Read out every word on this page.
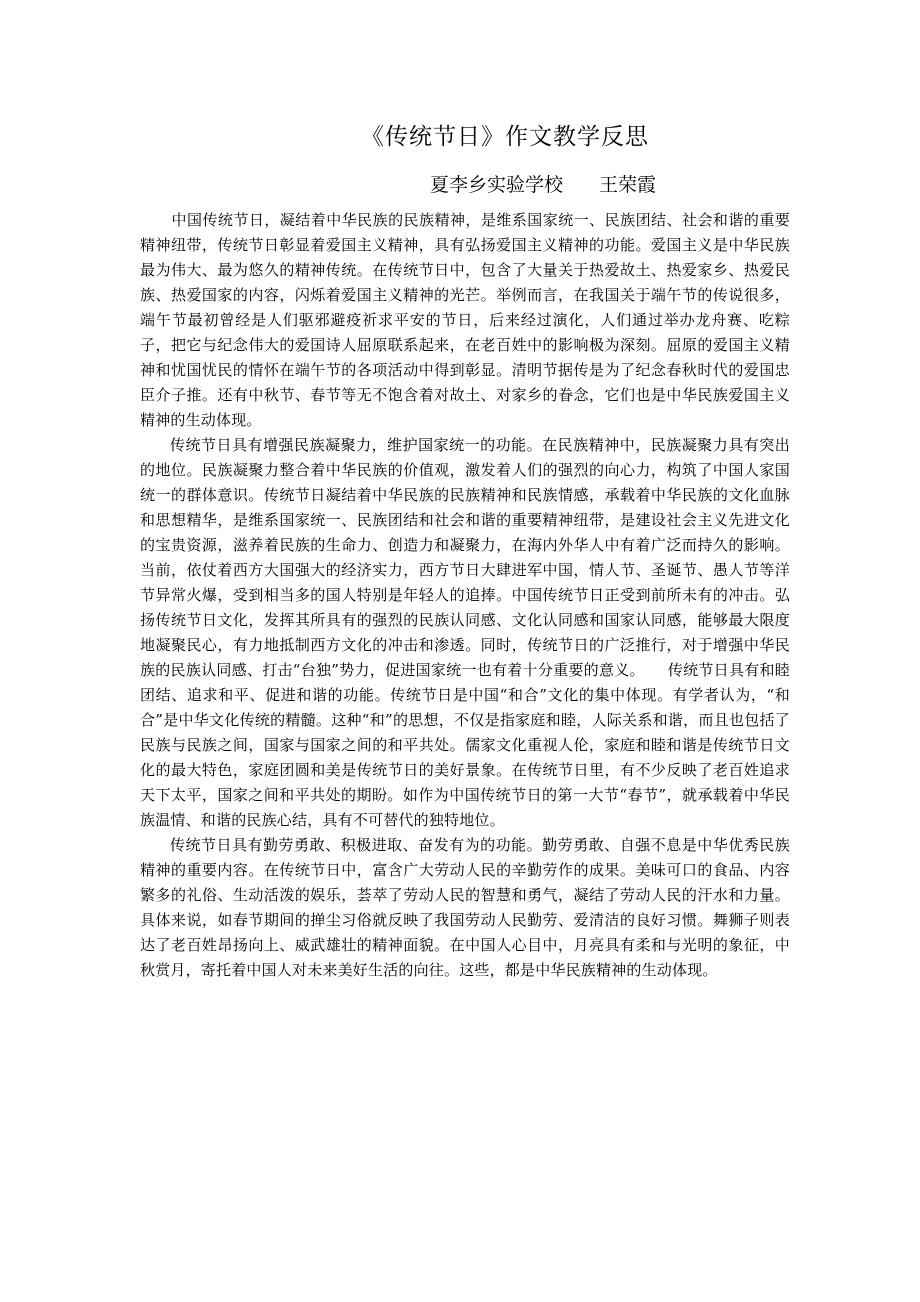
《传统节日》作文教学反思
夏李乡实验学校 王荣霞

中国传统节日，凝结着中华民族的民族精神，是维系国家统一、民族团结、社会和谐的重要精神纽带，传统节日彰显着爱国主义精神，具有弘扬爱国主义精神的功能。爱国主义是中华民族最为伟大、最为悠久的精神传统。在传统节日中，包含了大量关于热爱故土、热爱家乡、热爱民族、热爱国家的内容，闪烁着爱国主义精神的光芒。举例而言，在我国关于端午节的传说很多，端午节最初曾经是人们驱邪避疫祈求平安的节日，后来经过演化，人们通过举办龙舟赛、吃粽子，把它与纪念伟大的爱国诗人屈原联系起来，在老百姓中的影响极为深刻。屈原的爱国主义精神和忧国忧民的情怀在端午节的各项活动中得到彰显。清明节据传是为了纪念春秋时代的爱国忠臣介子推。还有中秋节、春节等无不饱含着对故土、对家乡的眷念，它们也是中华民族爱国主义精神的生动体现。

传统节日具有增强民族凝聚力，维护国家统一的功能。在民族精神中，民族凝聚力具有突出的地位。民族凝聚力整合着中华民族的价值观，激发着人们的强烈的向心力，构筑了中国人家国统一的群体意识。传统节日凝结着中华民族的民族精神和民族情感，承载着中华民族的文化血脉和思想精华，是维系国家统一、民族团结和社会和谐的重要精神纽带，是建设社会主义先进文化的宝贵资源，滋养着民族的生命力、创造力和凝聚力，在海内外华人中有着广泛而持久的影响。当前，依仗着西方大国强大的经济实力，西方节日大肆进军中国，情人节、圣诞节、愚人节等洋节异常火爆，受到相当多的国人特别是年轻人的追捧。中国传统节日正受到前所未有的冲击。弘扬传统节日文化，发挥其所具有的强烈的民族认同感、文化认同感和国家认同感，能够最大限度地凝聚民心，有力地抵制西方文化的冲击和渗透。同时，传统节日的广泛推行，对于增强中华民族的民族认同感、打击“台独”势力，促进国家统一也有着十分重要的意义。　　传统节日具有和睦团结、追求和平、促进和谐的功能。传统节日是中国“和合”文化的集中体现。有学者认为，“和合”是中华文化传统的精髓。这种“和”的思想，不仅是指家庭和睦，人际关系和谐，而且也包括了民族与民族之间，国家与国家之间的和平共处。儒家文化重视人伦，家庭和睦和谐是传统节日文化的最大特色，家庭团圆和美是传统节日的美好景象。在传统节日里，有不少反映了老百姓追求天下太平，国家之间和平共处的期盼。如作为中国传统节日的第一大节“春节”，就承载着中华民族温情、和谐的民族心结，具有不可替代的独特地位。

传统节日具有勤劳勇敢、积极进取、奋发有为的功能。勤劳勇敢、自强不息是中华优秀民族精神的重要内容。在传统节日中，富含广大劳动人民的辛勤劳作的成果。美味可口的食品、内容繁多的礼俗、生动活泼的娱乐，荟萃了劳动人民的智慧和勇气，凝结了劳动人民的汗水和力量。具体来说，如春节期间的掸尘习俗就反映了我国劳动人民勤劳、爱清洁的良好习惯。舞狮子则表达了老百姓昂扬向上、威武雄壮的精神面貌。在中国人心目中，月亮具有柔和与光明的象征，中秋赏月，寄托着中国人对未来美好生活的向往。这些，都是中华民族精神的生动体现。
